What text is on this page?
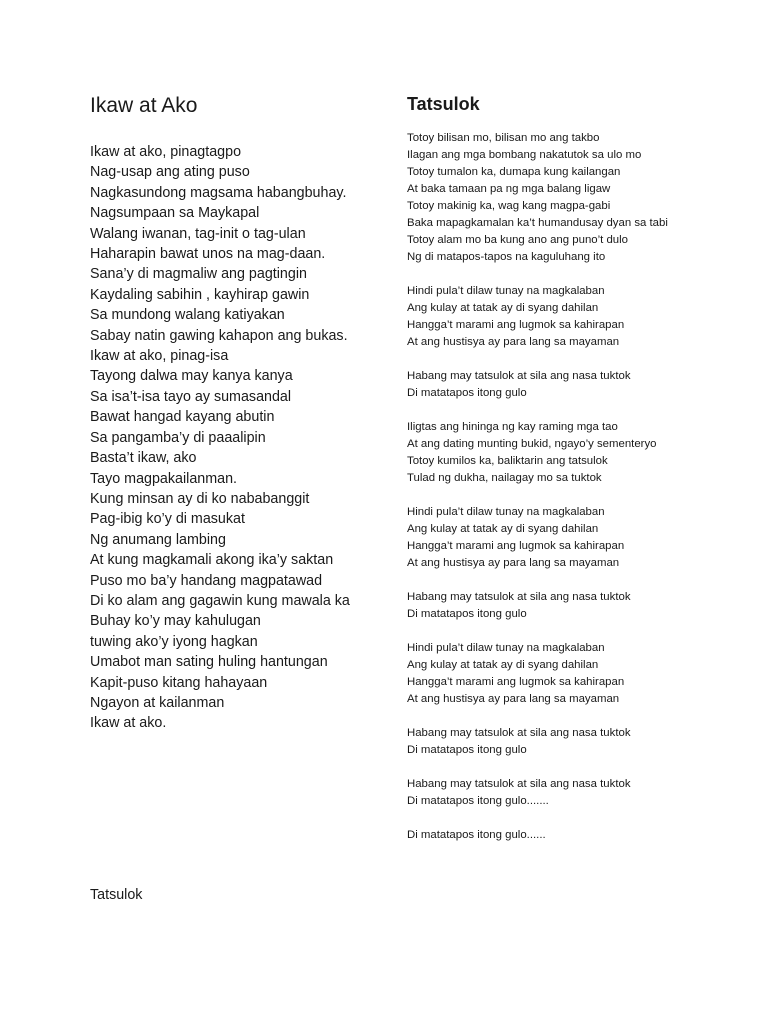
Ikaw at Ako
Ikaw at ako, pinagtagpo
Nag-usap ang ating puso
Nagkasundong magsama habangbuhay.
Nagsumpaan sa Maykapal
Walang iwanan, tag-init o tag-ulan
Haharapin bawat unos na mag-daan.
Sana’y di magmaliw ang pagtingin
Kaydaling sabihin , kayhirap gawin
Sa mundong walang katiyakan
Sabay natin gawing kahapon ang bukas.
Ikaw at ako, pinag-isa
Tayong dalwa may kanya kanya
Sa isa’t-isa tayo ay sumasandal
Bawat hangad kayang abutin
Sa pangamba’y di paaalipin
Basta’t ikaw, ako
Tayo magpakailanman.
Kung minsan ay di ko nababanggit
Pag-ibig ko’y di masukat
Ng anumang lambing
At kung magkamali akong ika’y saktan
Puso mo ba’y handang magpatawad
Di ko alam ang gagawin kung mawala ka
Buhay ko’y may kahulugan
tuwing ako’y iyong hagkan
Umabot man sating huling hantungan
Kapit-puso kitang hahayaan
Ngayon at kailanman
Ikaw at ako.
Tatsulok
Tatsulok
Totoy bilisan mo, bilisan mo ang takbo
Ilagan ang mga bombang nakatutok sa ulo mo
Totoy tumalon ka, dumapa kung kailangan
At baka tamaan pa ng mga balang ligaw
Totoy makinig ka, wag kang magpa-gabi
Baka mapagkamalan ka’t humandusay dyan sa tabi
Totoy alam mo ba kung ano ang puno’t dulo
Ng di matapos-tapos na kaguluhang ito
Hindi pula’t dilaw tunay na magkalaban
Ang kulay at tatak ay di syang dahilan
Hangga’t marami ang lugmok sa kahirapan
At ang hustisya ay para lang sa mayaman
Habang may tatsulok at sila ang nasa tuktok
Di matatapos itong gulo
Iligtas ang hininga ng kay raming mga tao
At ang dating munting bukid, ngayo’y sementeryo
Totoy kumilos ka, baliktarin ang tatsulok
Tulad ng dukha, nailagay mo sa tuktok
Hindi pula’t dilaw tunay na magkalaban
Ang kulay at tatak ay di syang dahilan
Hangga’t marami ang lugmok sa kahirapan
At ang hustisya ay para lang sa mayaman
Habang may tatsulok at sila ang nasa tuktok
Di matatapos itong gulo
Hindi pula’t dilaw tunay na magkalaban
Ang kulay at tatak ay di syang dahilan
Hangga’t marami ang lugmok sa kahirapan
At ang hustisya ay para lang sa mayaman
Habang may tatsulok at sila ang nasa tuktok
Di matatapos itong gulo
Habang may tatsulok at sila ang nasa tuktok
Di matatapos itong gulo.......
Di matatapos itong gulo......
